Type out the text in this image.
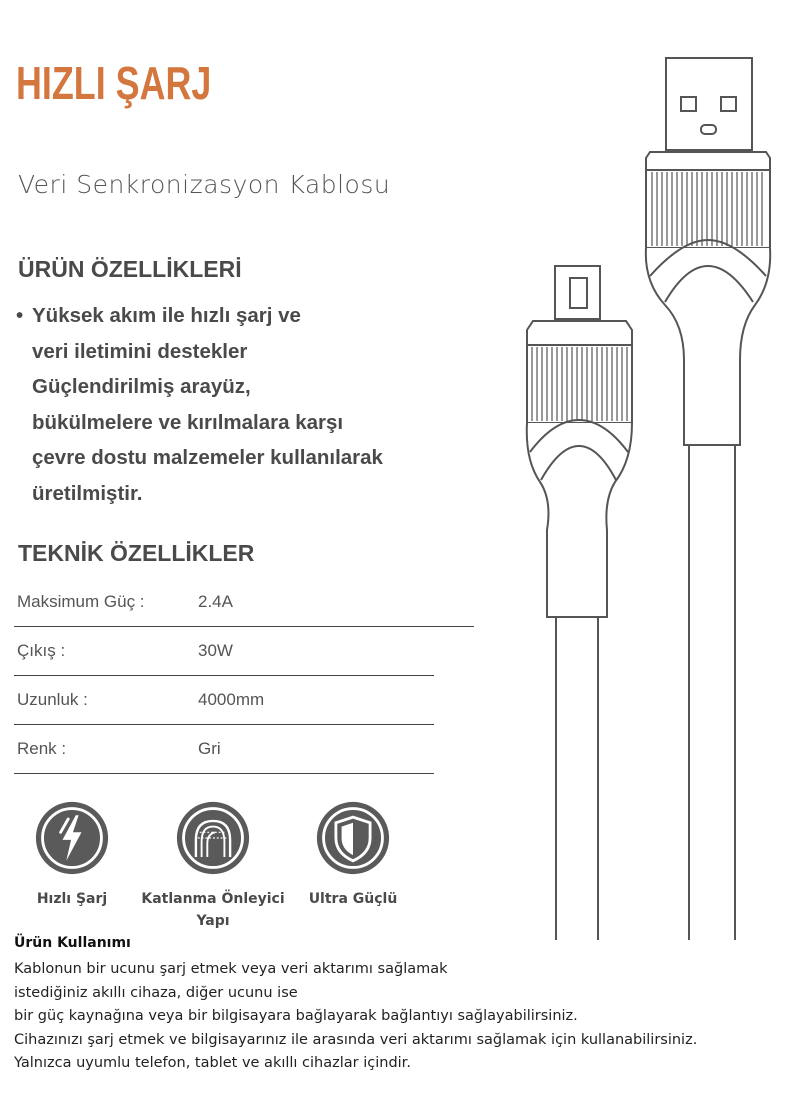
HIZLI ŞARJ
Veri Senkronizasyon Kablosu
ÜRÜN ÖZELLİKLERİ
• Yüksek akım ile hızlı şarj ve
veri iletimini destekler
Güçlendirilmiş arayüz,
bükülmelere ve kırılmalara karşı
çevre dostu malzemeler kullanılarak
üretilmiştir.
TEKNİK ÖZELLİKLER
Maksimum Güç :	2.4A
Çıkış :	30W
Uzunluk :	4000mm
Renk :	Gri
Hızlı Şarj	Katlanma Önleyici
Yapı
Ultra Güçlü
Ürün Kullanımı
Kablonun bir ucunu şarj etmek veya veri aktarımı sağlamak
istediğiniz akıllı cihaza, diğer ucunu ise
bir güç kaynağına veya bir bilgisayara bağlayarak bağlantıyı sağlayabilirsiniz.
Cihazınızı şarj etmek ve bilgisayarınız ile arasında veri aktarımı sağlamak için kullanabilirsiniz.
Yalnızca uyumlu telefon, tablet ve akıllı cihazlar içindir.
